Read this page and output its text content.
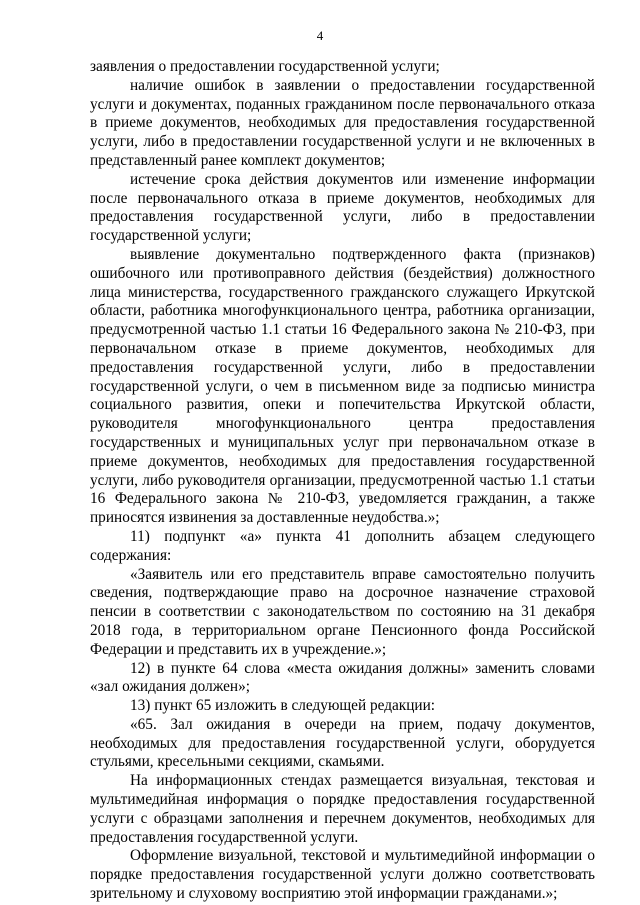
4

заявления о предоставлении государственной услуги;

наличие ошибок в заявлении о предоставлении государственной услуги и документах, поданных гражданином после первоначального отказа в приеме документов, необходимых для предоставления государственной услуги, либо в предоставлении государственной услуги и не включенных в представленный ранее комплект документов;

истечение срока действия документов или изменение информации после первоначального отказа в приеме документов, необходимых для предоставления государственной услуги, либо в предоставлении государственной услуги;

выявление документально подтвержденного факта (признаков) ошибочного или противоправного действия (бездействия) должностного лица министерства, государственного гражданского служащего Иркутской области, работника многофункционального центра, работника организации, предусмотренной частью 1.1 статьи 16 Федерального закона № 210-ФЗ, при первоначальном отказе в приеме документов, необходимых для предоставления государственной услуги, либо в предоставлении государственной услуги, о чем в письменном виде за подписью министра социального развития, опеки и попечительства Иркутской области, руководителя многофункционального центра предоставления государственных и муниципальных услуг при первоначальном отказе в приеме документов, необходимых для предоставления государственной услуги, либо руководителя организации, предусмотренной частью 1.1 статьи 16 Федерального закона № 210-ФЗ, уведомляется гражданин, а также приносятся извинения за доставленные неудобства.»;

11) подпункт «а» пункта 41 дополнить абзацем следующего содержания:

«Заявитель или его представитель вправе самостоятельно получить сведения, подтверждающие право на досрочное назначение страховой пенсии в соответствии с законодательством по состоянию на 31 декабря 2018 года, в территориальном органе Пенсионного фонда Российской Федерации и представить их в учреждение.»;

12) в пункте 64 слова «места ожидания должны» заменить словами «зал ожидания должен»;

13) пункт 65 изложить в следующей редакции:

«65. Зал ожидания в очереди на прием, подачу документов, необходимых для предоставления государственной услуги, оборудуется стульями, кресельными секциями, скамьями.

На информационных стендах размещается визуальная, текстовая и мультимедийная информация о порядке предоставления государственной услуги с образцами заполнения и перечнем документов, необходимых для предоставления государственной услуги.

Оформление визуальной, текстовой и мультимедийной информации о порядке предоставления государственной услуги должно соответствовать зрительному и слуховому восприятию этой информации гражданами.»;
